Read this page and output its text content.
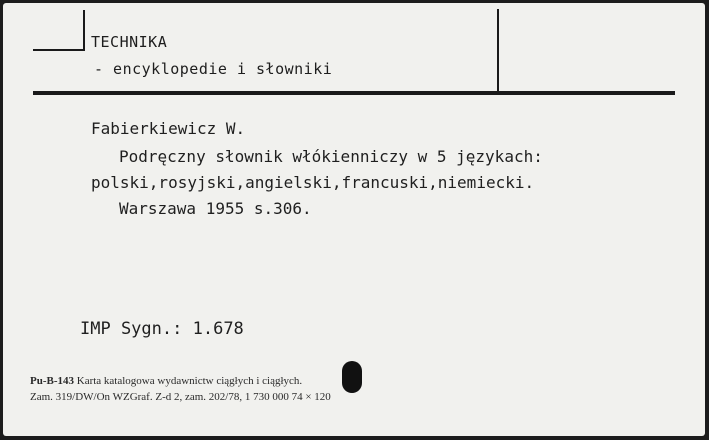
TECHNIKA
- encyklopedie i słowniki
Fabierkiewicz W.
Podręczny słownik włókienniczy w 5 językach:
polski,rosyjski,angielski,francuski,niemiecki.
Warszawa 1955 s.306.
IMP Sygn.: 1.678
Pu-B-143 Karta katalogowa wydawnictw ciągłych i ciągłych.
Zam. 319/DW/On WZGraf. Z-d 2, zam. 202/78, 1 730 000 74 × 120
